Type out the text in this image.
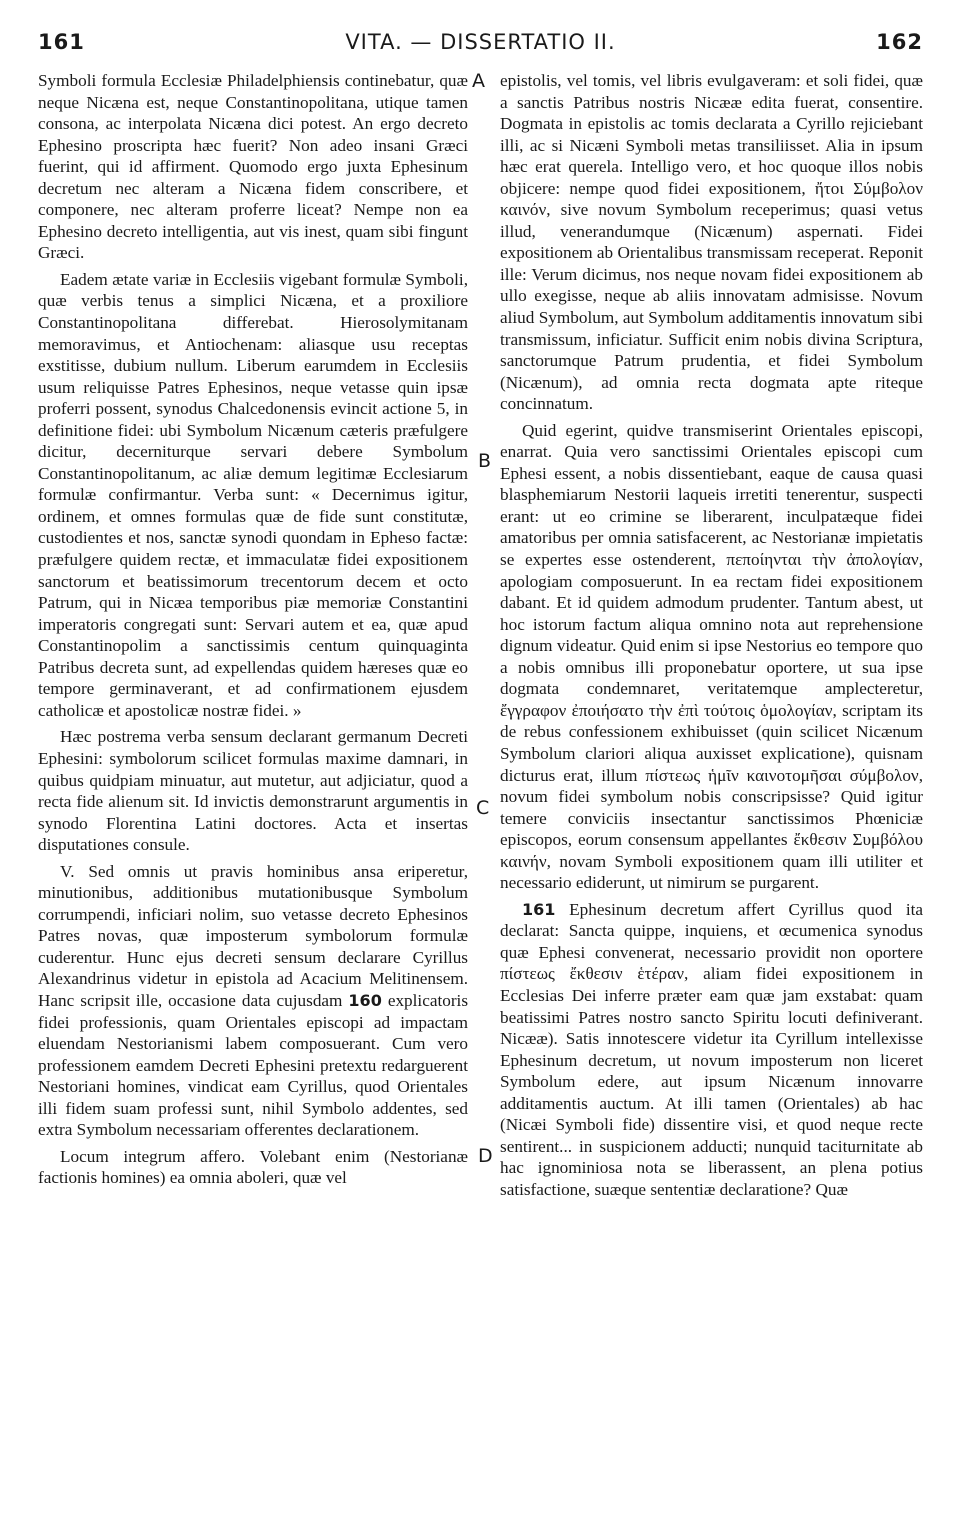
161	VITA. — DISSERTATIO II.	162
A
B
C
D

Symboli formula Ecclesiæ Philadelphiensis continebatur, quæ neque Nicæna est, neque Constantinopolitana, utique tamen consona, ac interpolata Nicæna dici potest. An ergo decreto Ephesino proscripta hæc fuerit? Non adeo insani Græci fuerint, qui id affirment. Quomodo ergo juxta Ephesinum decretum nec alteram a Nicæna fidem conscribere, et componere, nec alteram proferre liceat? Nempe non ea Ephesino decreto intelligentia, aut vis inest, quam sibi fingunt Græci.

Eadem ætate variæ in Ecclesiis vigebant formulæ Symboli, quæ verbis tenus a simplici Nicæna, et a proxiliore Constantinopolitana differebat. Hierosolymitanam memoravimus, et Antiochenam: aliasque usu receptas exstitisse, dubium nullum. Liberum earumdem in Ecclesiis usum reliquisse Patres Ephesinos, neque vetasse quin ipsæ proferri possent, synodus Chalcedonensis evincit actione 5, in definitione fidei: ubi Symbolum Nicænum cæteris præfulgere dicitur, decerniturque servari debere Symbolum Constantinopolitanum, ac aliæ demum legitimæ Ecclesiarum formulæ confirmantur. Verba sunt: « Decernimus igitur, ordinem, et omnes formulas quæ de fide sunt constitutæ, custodientes et nos, sanctæ synodi quondam in Epheso factæ: præfulgere quidem rectæ, et immaculatæ fidei expositionem sanctorum et beatissimorum trecentorum decem et octo Patrum, qui in Nicæa temporibus piæ memoriæ Constantini imperatoris congregati sunt: Servari autem et ea, quæ apud Constantinopolim a sanctissimis centum quinquaginta Patribus decreta sunt, ad expellendas quidem hæreses quæ eo tempore germinaverant, et ad confirmationem ejusdem catholicæ et apostolicæ nostræ fidei. »

Hæc postrema verba sensum declarant germanum Decreti Ephesini: symbolorum scilicet formulas maxime damnari, in quibus quidpiam minuatur, aut mutetur, aut adjiciatur, quod a recta fide alienum sit. Id invictis demonstrarunt argumentis in synodo Florentina Latini doctores. Acta et insertas disputationes consule.

V. Sed omnis ut pravis hominibus ansa eriperetur, minutionibus, additionibus mutationibusque Symbolum corrumpendi, inficiari nolim, suo vetasse decreto Ephesinos Patres novas, quæ imposterum symbolorum formulæ cuderentur. Hunc ejus decreti sensum declarare Cyrillus Alexandrinus videtur in epistola ad Acacium Melitinensem. Hanc scripsit ille, occasione data cujusdam 160 explicatoris fidei professionis, quam Orientales episcopi ad impactam eluendam Nestorianismi labem composuerant. Cum vero professionem eamdem Decreti Ephesini pretextu redarguerent Nestoriani homines, vindicat eam Cyrillus, quod Orientales illi fidem suam professi sunt, nihil Symbolo addentes, sed extra Symbolum necessariam offerentes declarationem.

Locum integrum affero. Volebant enim (Nestorianæ factionis homines) ea omnia aboleri, quæ vel

epistolis, vel tomis, vel libris evulgaveram: et soli fidei, quæ a sanctis Patribus nostris Nicææ edita fuerat, consentire. Dogmata in epistolis ac tomis declarata a Cyrillo rejiciebant illi, ac si Nicæni Symboli metas transiliisset. Alia in ipsum hæc erat querela. Intelligo vero, et hoc quoque illos nobis objicere: nempe quod fidei expositionem, ἤτοι Σύμβολον καινόν, sive novum Symbolum receperimus; quasi vetus illud, venerandumque (Nicænum) aspernati. Fidei expositionem ab Orientalibus transmissam receperat. Reponit ille: Verum dicimus, nos neque novam fidei expositionem ab ullo exegisse, neque ab aliis innovatam admisisse. Novum aliud Symbolum, aut Symbolum additamentis innovatum sibi transmissum, inficiatur. Sufficit enim nobis divina Scriptura, sanctorumque Patrum prudentia, et fidei Symbolum (Nicænum), ad omnia recta dogmata apte riteque concinnatum.

Quid egerint, quidve transmiserint Orientales episcopi, enarrat. Quia vero sanctissimi Orientales episcopi cum Ephesi essent, a nobis dissentiebant, eaque de causa quasi blasphemiarum Nestorii laqueis irretiti tenerentur, suspecti erant: ut eo crimine se liberarent, inculpatæque fidei amatoribus per omnia satisfacerent, ac Nestorianæ impietatis se expertes esse ostenderent, πεποίηνται τὴν ἀπολογίαν, apologiam composuerunt. In ea rectam fidei expositionem dabant. Et id quidem admodum prudenter. Tantum abest, ut hoc istorum factum aliqua omnino nota aut reprehensione dignum videatur. Quid enim si ipse Nestorius eo tempore quo a nobis omnibus illi proponebatur oportere, ut sua ipse dogmata condemnaret, veritatemque amplecteretur, ἔγγραφον ἐποιήσατο τὴν ἐπὶ τούτοις ὁμολογίαν, scriptam its de rebus confessionem exhibuisset (quin scilicet Nicænum Symbolum clariori aliqua auxisset explicatione), quisnam dicturus erat, illum πίστεως ἡμῖν καινοτομῆσαι σύμβολον, novum fidei symbolum nobis conscripsisse? Quid igitur temere conviciis insectantur sanctissimos Phœniciæ episcopos, eorum consensum appellantes ἔκθεσιν Συμβόλου καινήν, novam Symboli expositionem quam illi utiliter et necessario ediderunt, ut nimirum se purgarent.

161 Ephesinum decretum affert Cyrillus quod ita declarat: Sancta quippe, inquiens, et œcumenica synodus quæ Ephesi convenerat, necessario providit non oportere πίστεως ἔκθεσιν ἑτέραν, aliam fidei expositionem in Ecclesias Dei inferre præter eam quæ jam exstabat: quam beatissimi Patres nostro sancto Spiritu locuti definiverant. Nicææ). Satis innotescere videtur ita Cyrillum intellexisse Ephesinum decretum, ut novum imposterum non liceret Symbolum edere, aut ipsum Nicænum innovarre additamentis auctum. At illi tamen (Orientales) ab hac (Nicæi Symboli fide) dissentire visi, et quod neque recte sentirent... in suspicionem adducti; nunquid taciturnitate ab hac ignominiosa nota se liberassent, an plena potius satisfactione, suæque sententiæ declaratione? Quæ
